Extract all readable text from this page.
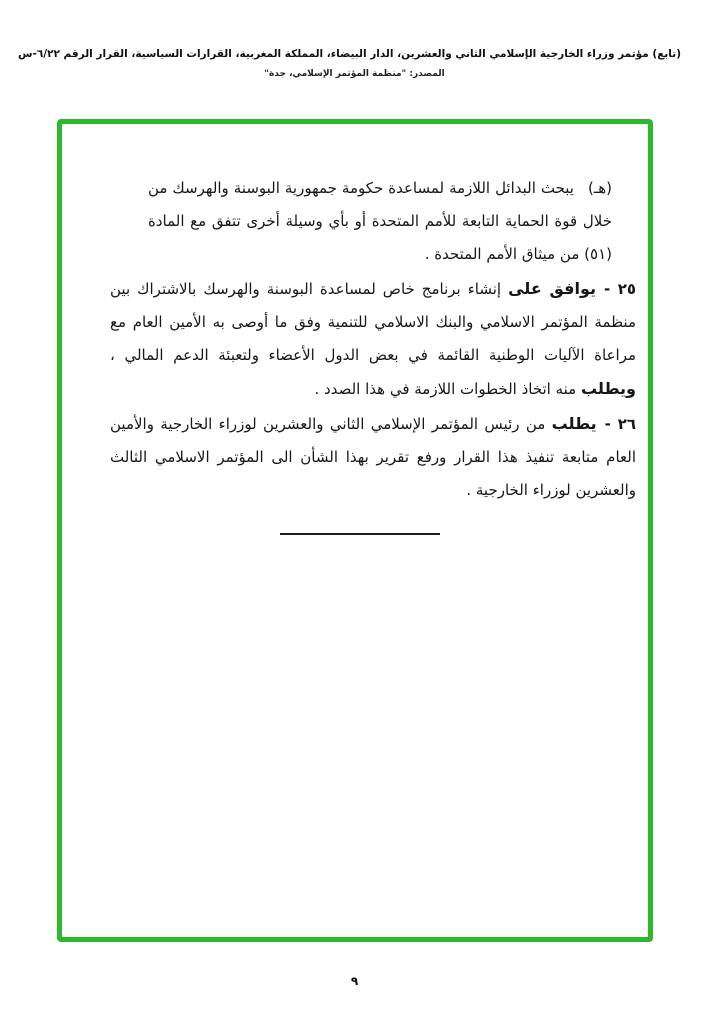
(تابع) مؤتمر وزراء الخارجية الإسلامي الثاني والعشرين، الدار البيضاء، المملكة المغربية، القرارات السياسية، القرار الرقم ٦/٢٢-س
المصدر: "منظمة المؤتمر الإسلامي، جدة"
(هـ)يبحث البدائل اللازمة لمساعدة حكومة جمهورية البوسنة والهرسك من خلال قوة الحماية التابعة للأمم المتحدة أو بأي وسيلة أخرى تتفق مع المادة (٥١) من ميثاق الأمم المتحدة .
٢٥ -يوافق على إنشاء برنامج خاص لمساعدة البوسنة والهرسك بالاشتراك بين منظمة المؤتمر الاسلامي والبنك الاسلامي للتنمية وفق ما أوصى به الأمين العام مع مراعاة الآليات الوطنية القائمة في بعض الدول الأعضاء ولتعبئة الدعم المالي ، ويطلب منه اتخاذ الخطوات اللازمة في هذا الصدد .
٢٦ -يطلب من رئيس المؤتمر الإسلامي الثاني والعشرين لوزراء الخارجية والأمين العام متابعة تنفيذ هذا القرار ورفع تقرير بهذا الشأن الى المؤتمر الاسلامي الثالث والعشرين لوزراء الخارجية .
٩
